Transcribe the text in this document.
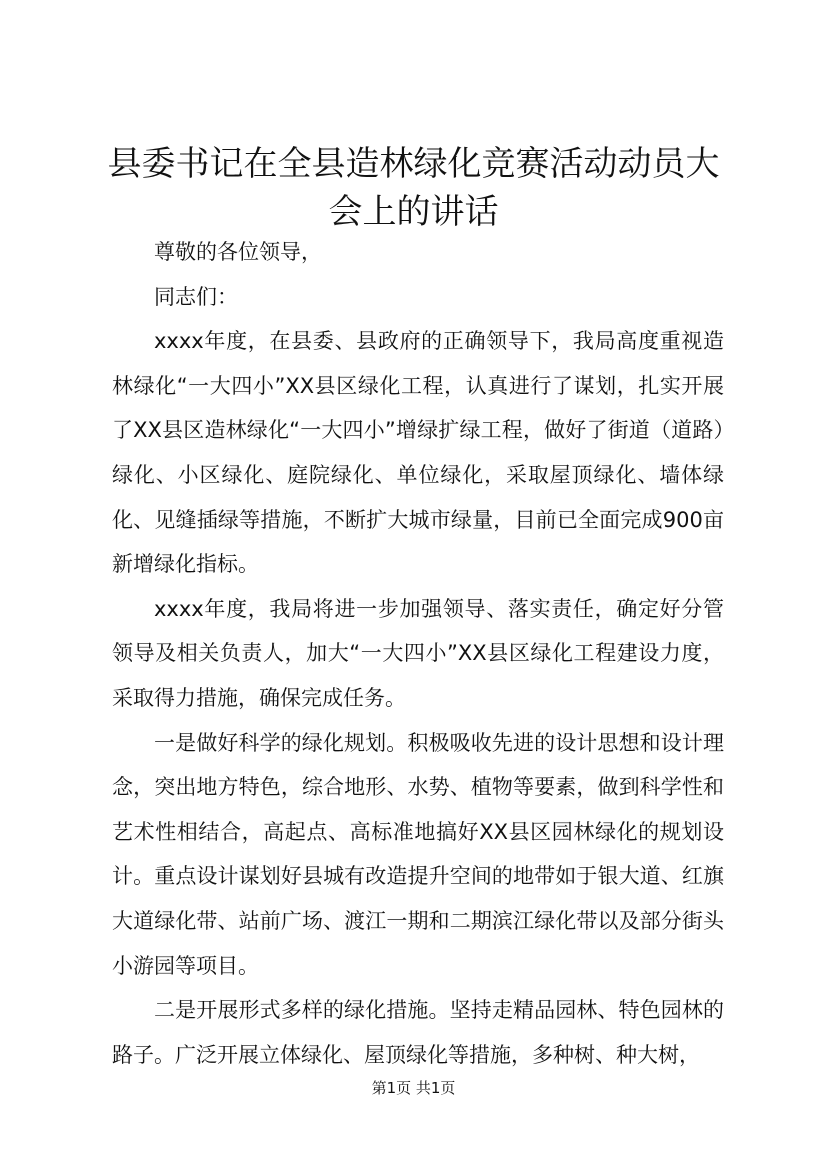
县委书记在全县造林绿化竞赛活动动员大会上的讲话

尊敬的各位领导，

同志们：

xxxx年度，在县委、县政府的正确领导下，我局高度重视造林绿化“一大四小”XX县区绿化工程，认真进行了谋划，扎实开展了XX县区造林绿化“一大四小”增绿扩绿工程，做好了街道（道路）绿化、小区绿化、庭院绿化、单位绿化，采取屋顶绿化、墙体绿化、见缝插绿等措施，不断扩大城市绿量，目前已全面完成900亩新增绿化指标。

xxxx年度，我局将进一步加强领导、落实责任，确定好分管领导及相关负责人，加大“一大四小”XX县区绿化工程建设力度，采取得力措施，确保完成任务。

一是做好科学的绿化规划。积极吸收先进的设计思想和设计理念，突出地方特色，综合地形、水势、植物等要素，做到科学性和艺术性相结合，高起点、高标准地搞好XX县区园林绿化的规划设计。重点设计谋划好县城有改造提升空间的地带如于银大道、红旗大道绿化带、站前广场、渡江一期和二期滨江绿化带以及部分街头小游园等项目。

二是开展形式多样的绿化措施。坚持走精品园林、特色园林的路子。广泛开展立体绿化、屋顶绿化等措施，多种树、种大树，

第1页 共1页
